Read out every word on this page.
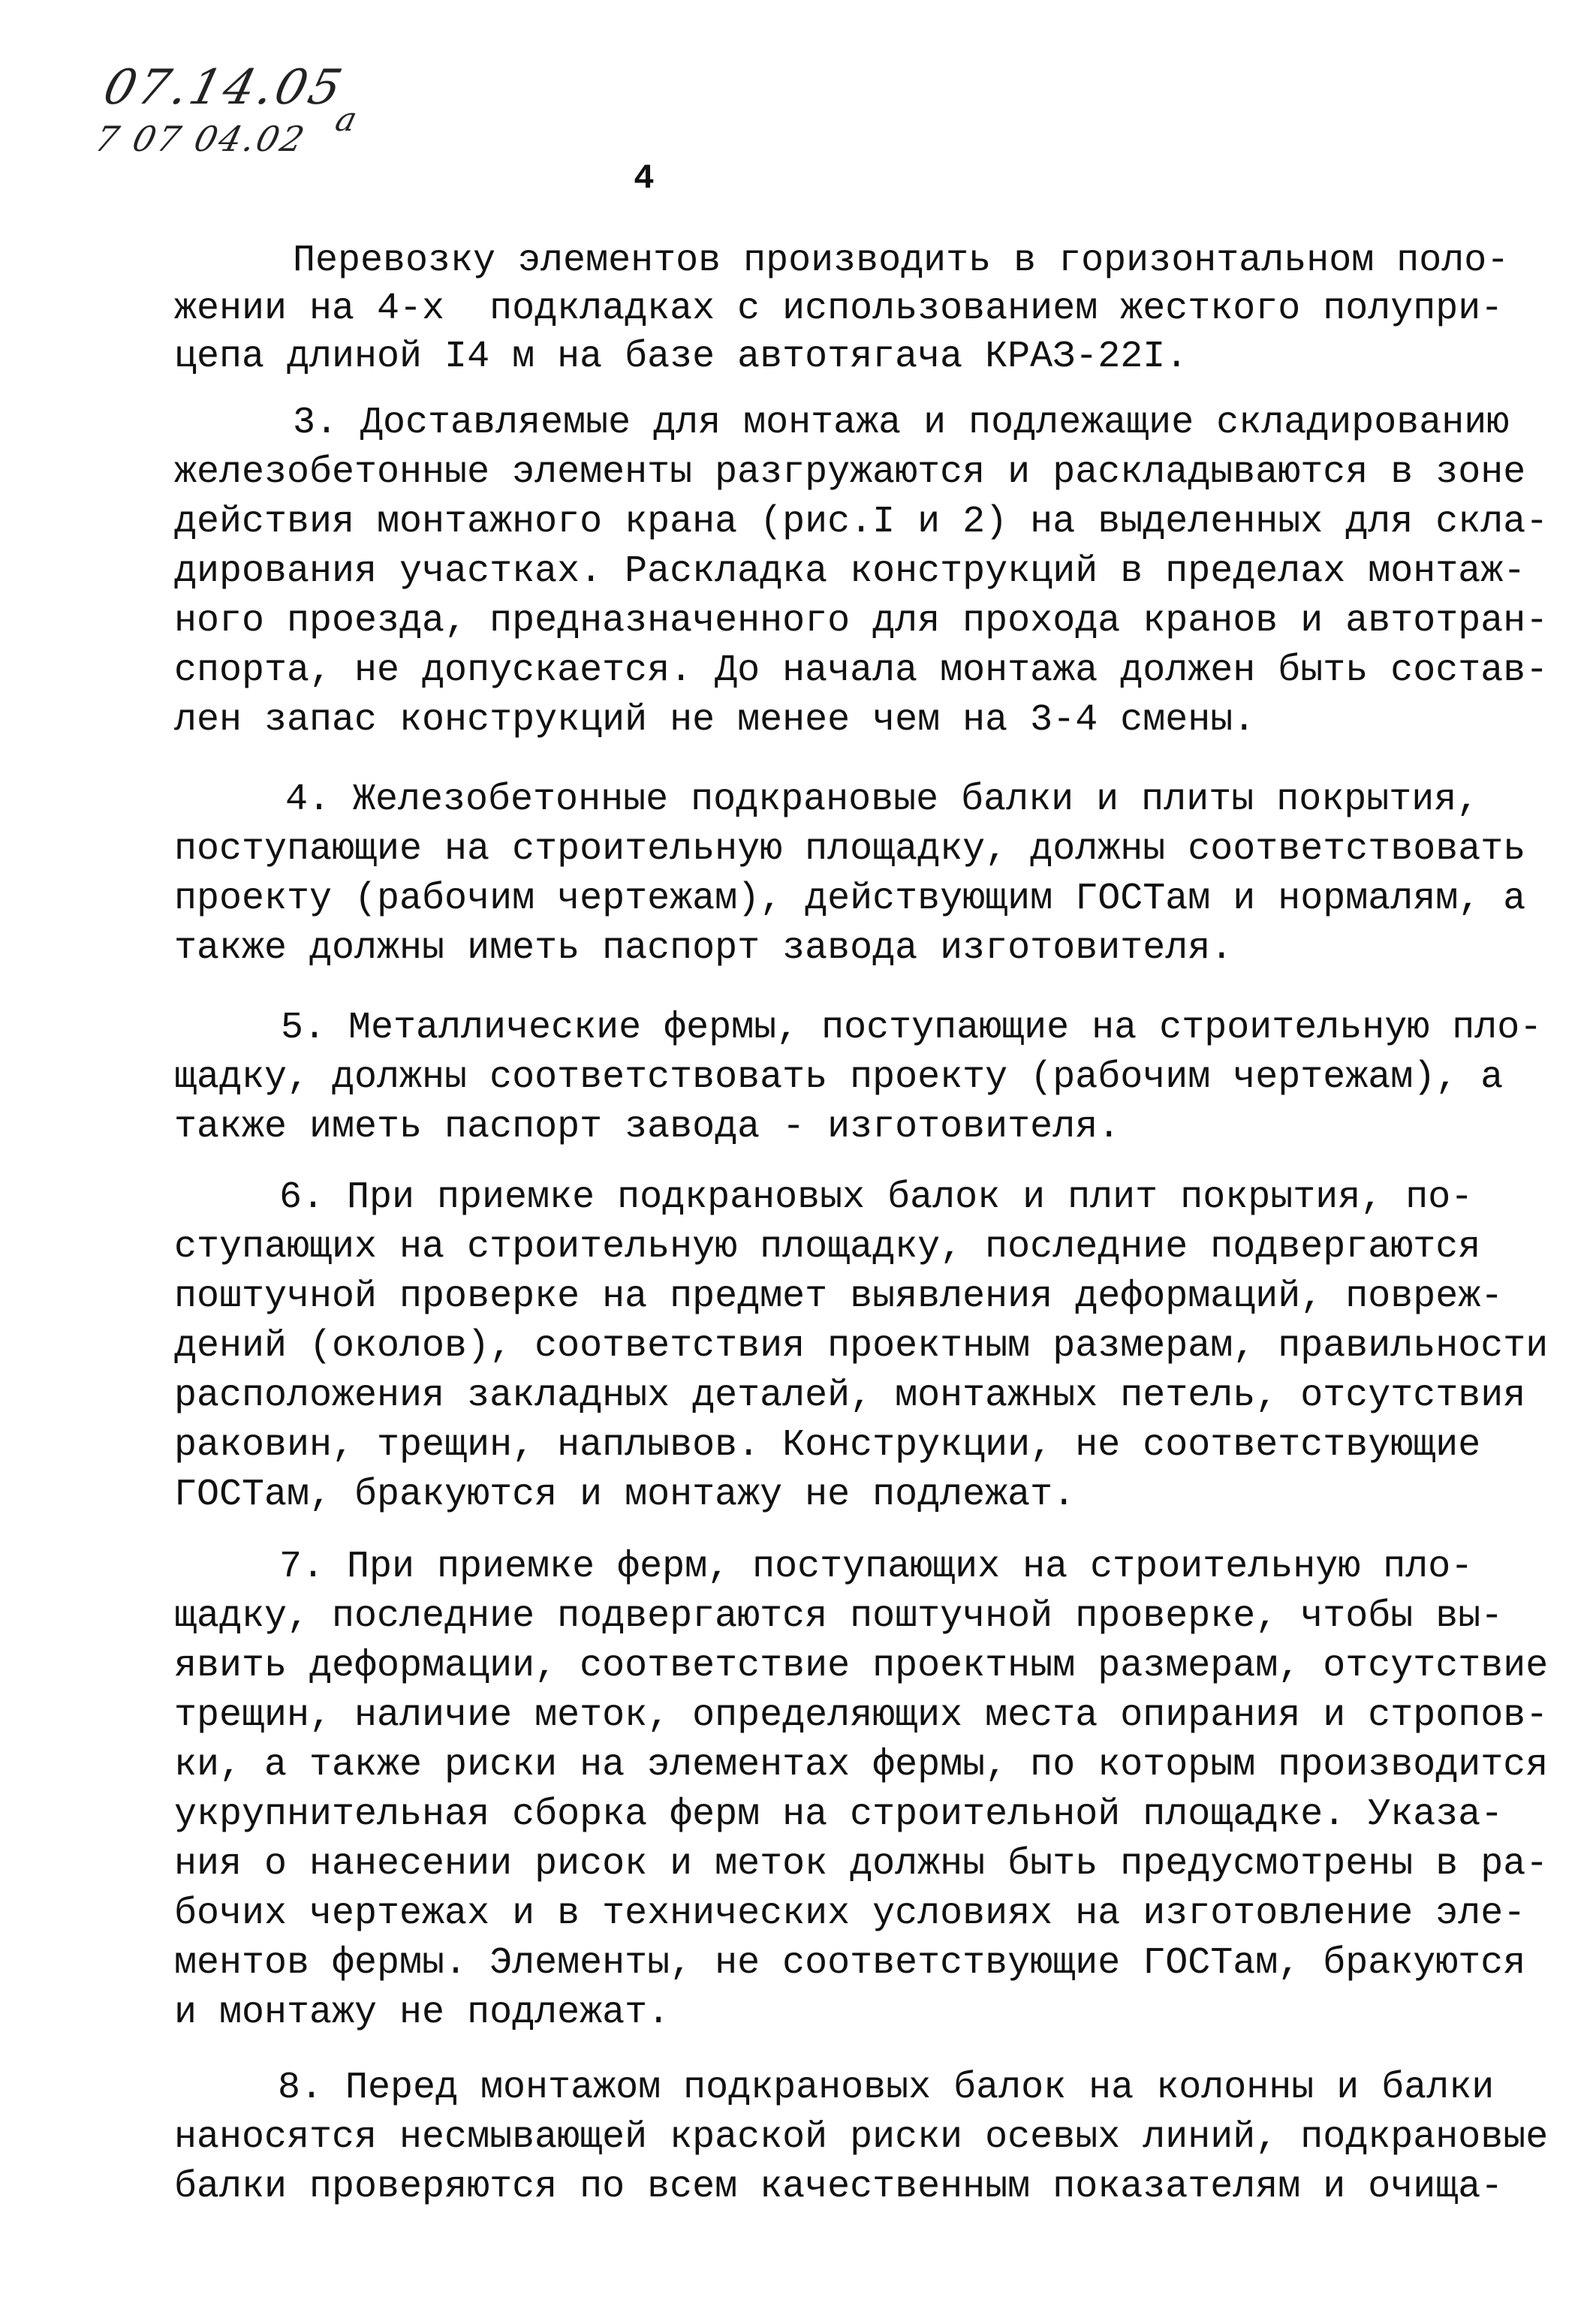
07.14.05
7 07 04.02 а
4
Перевозку элементов производить в горизонтальном поло-
жении на 4-х  подкладках с использованием жесткого полупри-
цепа длиной I4 м на базе автотягача КРАЗ-22I.
3. Доставляемые для монтажа и подлежащие складированию
железобетонные элементы разгружаются и раскладываются в зоне
действия монтажного крана (рис.I и 2) на выделенных для скла-
дирования участках. Раскладка конструкций в пределах монтаж-
ного проезда, предназначенного для прохода кранов и автотран-
спорта, не допускается. До начала монтажа должен быть состав-
лен запас конструкций не менее чем на 3-4 смены.
4. Железобетонные подкрановые балки и плиты покрытия,
поступающие на строительную площадку, должны соответствовать
проекту (рабочим чертежам), действующим ГОСТам и нормалям, а
также должны иметь паспорт завода изготовителя.
5. Металлические фермы, поступающие на строительную пло-
щадку, должны соответствовать проекту (рабочим чертежам), а
также иметь паспорт завода - изготовителя.
6. При приемке подкрановых балок и плит покрытия, по-
ступающих на строительную площадку, последние подвергаются
поштучной проверке на предмет выявления деформаций, повреж-
дений (околов), соответствия проектным размерам, правильности
расположения закладных деталей, монтажных петель, отсутствия
раковин, трещин, наплывов. Конструкции, не соответствующие
ГОСТам, бракуются и монтажу не подлежат.
7. При приемке ферм, поступающих на строительную пло-
щадку, последние подвергаются поштучной проверке, чтобы вы-
явить деформации, соответствие проектным размерам, отсутствие
трещин, наличие меток, определяющих места опирания и стропов-
ки, а также риски на элементах фермы, по которым производится
укрупнительная сборка ферм на строительной площадке. Указа-
ния о нанесении рисок и меток должны быть предусмотрены в ра-
бочих чертежах и в технических условиях на изготовление эле-
ментов фермы. Элементы, не соответствующие ГОСТам, бракуются
и монтажу не подлежат.
8. Перед монтажом подкрановых балок на колонны и балки
наносятся несмывающей краской риски осевых линий, подкрановые
балки проверяются по всем качественным показателям и очища-
